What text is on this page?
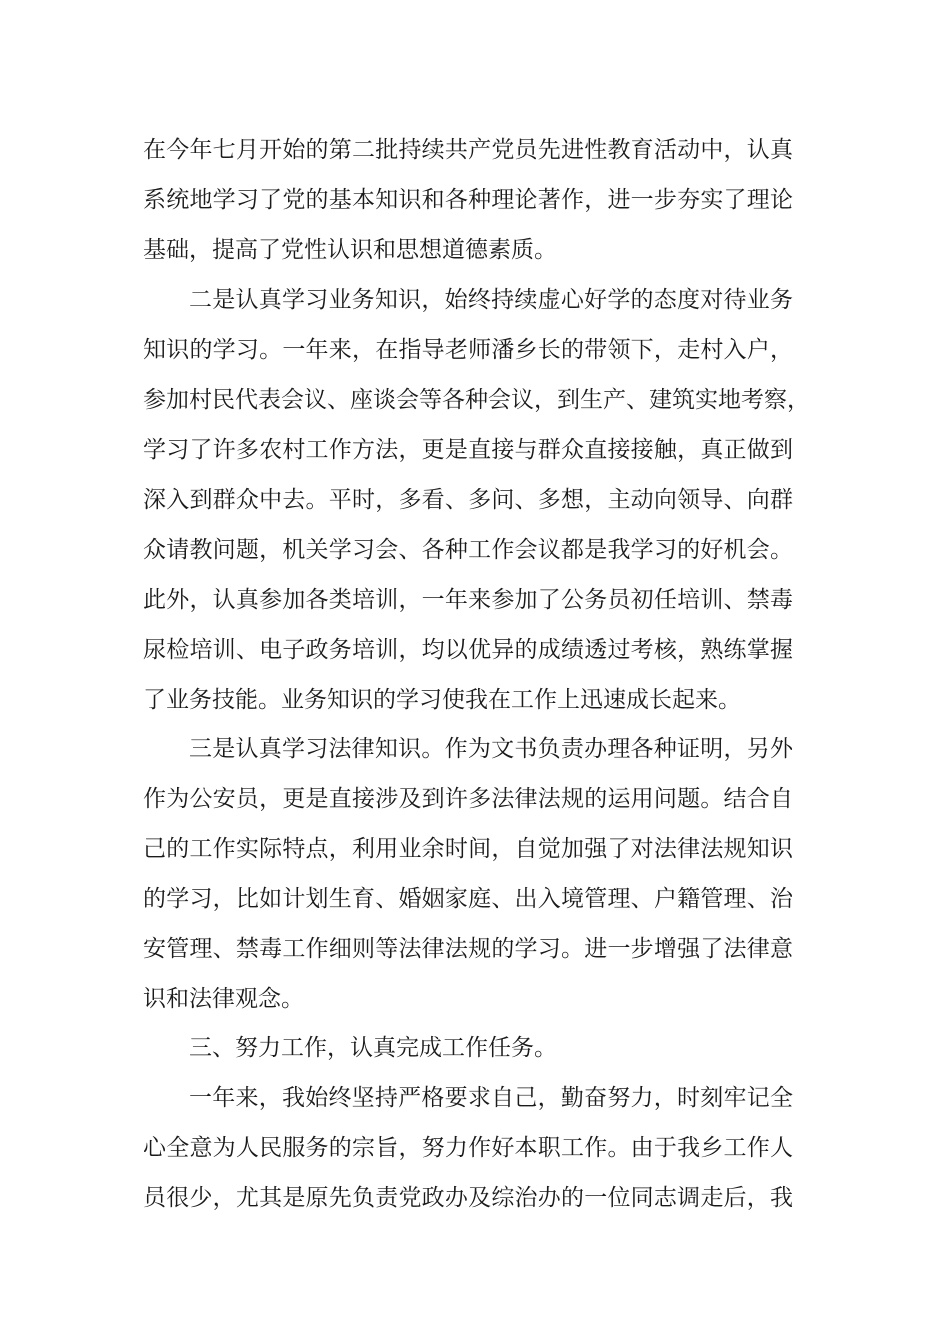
在今年七月开始的第二批持续共产党员先进性教育活动中，认真
系统地学习了党的基本知识和各种理论著作，进一步夯实了理论
基础，提高了党性认识和思想道德素质。
二是认真学习业务知识，始终持续虚心好学的态度对待业务
知识的学习。一年来，在指导老师潘乡长的带领下，走村入户，
参加村民代表会议、座谈会等各种会议，到生产、建筑实地考察，
学习了许多农村工作方法，更是直接与群众直接接触，真正做到
深入到群众中去。平时，多看、多问、多想，主动向领导、向群
众请教问题，机关学习会、各种工作会议都是我学习的好机会。
此外，认真参加各类培训，一年来参加了公务员初任培训、禁毒
尿检培训、电子政务培训，均以优异的成绩透过考核，熟练掌握
了业务技能。业务知识的学习使我在工作上迅速成长起来。
三是认真学习法律知识。作为文书负责办理各种证明，另外
作为公安员，更是直接涉及到许多法律法规的运用问题。结合自
己的工作实际特点，利用业余时间，自觉加强了对法律法规知识
的学习，比如计划生育、婚姻家庭、出入境管理、户籍管理、治
安管理、禁毒工作细则等法律法规的学习。进一步增强了法律意
识和法律观念。
三、努力工作，认真完成工作任务。
一年来，我始终坚持严格要求自己，勤奋努力，时刻牢记全
心全意为人民服务的宗旨，努力作好本职工作。由于我乡工作人
员很少，尤其是原先负责党政办及综治办的一位同志调走后，我
